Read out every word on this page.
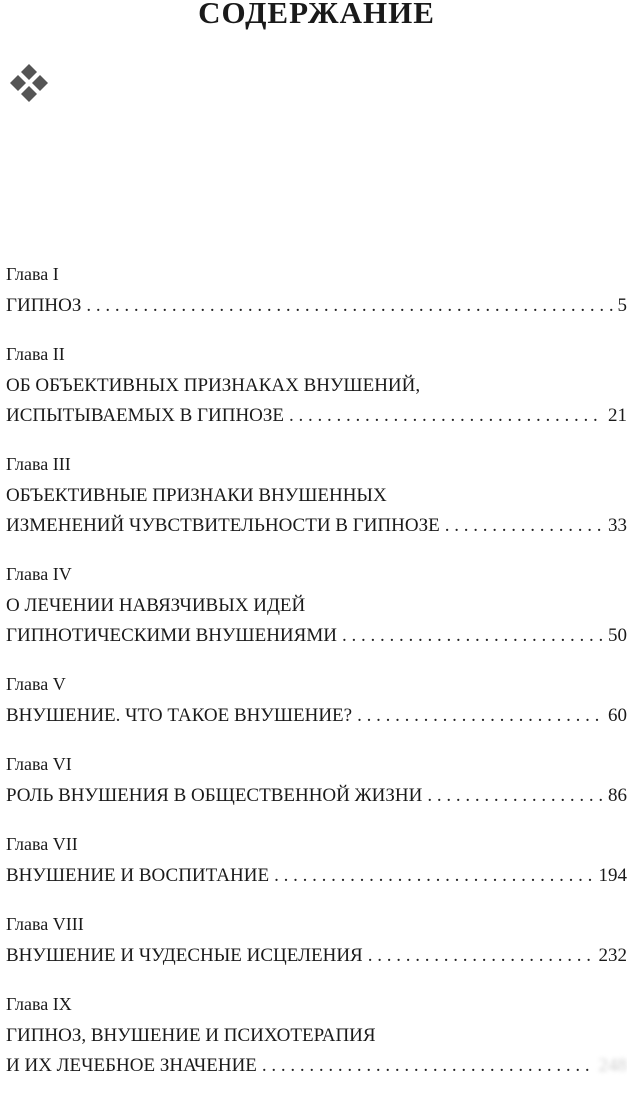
СОДЕРЖАНИЕ
Глава I
ГИПНОЗ . . .	5
Глава II
ОБ ОБЪЕКТИВНЫХ ПРИЗНАКАХ ВНУШЕНИЙ,
ИСПЫТЫВАЕМЫХ В ГИПНОЗЕ . . .	21
Глава III
ОБЪЕКТИВНЫЕ ПРИЗНАКИ ВНУШЕННЫХ
ИЗМЕНЕНИЙ ЧУВСТВИТЕЛЬНОСТИ В ГИПНОЗЕ . . .	33
Глава IV
О ЛЕЧЕНИИ НАВЯЗЧИВЫХ ИДЕЙ
ГИПНОТИЧЕСКИМИ ВНУШЕНИЯМИ . . .	50
Глава V
ВНУШЕНИЕ. ЧТО ТАКОЕ ВНУШЕНИЕ? . . .	60
Глава VI
РОЛЬ ВНУШЕНИЯ В ОБЩЕСТВЕННОЙ ЖИЗНИ . . .	86
Глава VII
ВНУШЕНИЕ И ВОСПИТАНИЕ . . .	194
Глава VIII
ВНУШЕНИЕ И ЧУДЕСНЫЕ ИСЦЕЛЕНИЯ . . .	232
Глава IX
ГИПНОЗ, ВНУШЕНИЕ И ПСИХОТЕРАПИЯ
И ИХ ЛЕЧЕБНОЕ ЗНАЧЕНИЕ . . .	248
